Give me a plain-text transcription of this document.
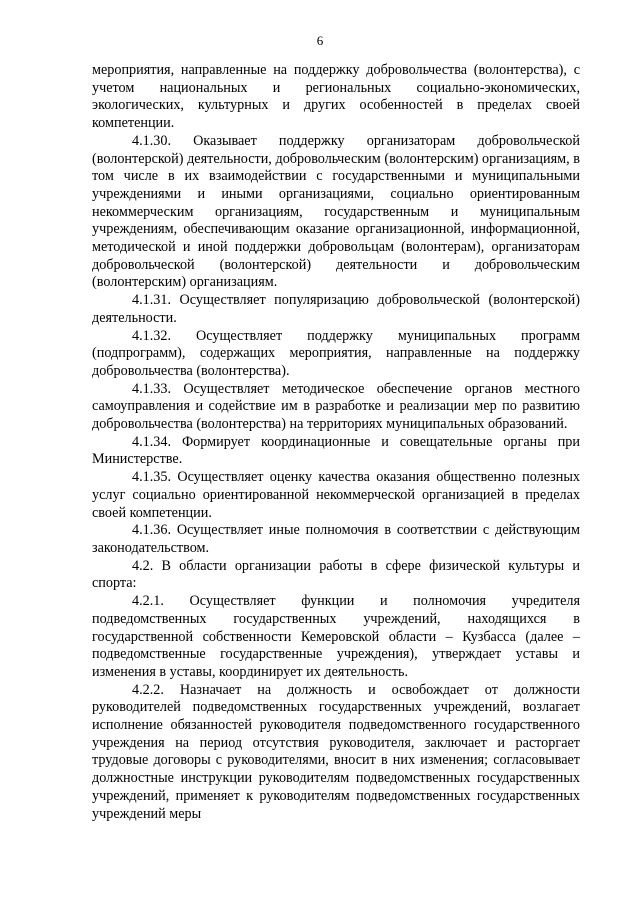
6

мероприятия, направленные на поддержку добровольчества (волонтерства), с учетом национальных и региональных социально-экономических, экологических, культурных и других особенностей в пределах своей компетенции.

4.1.30. Оказывает поддержку организаторам добровольческой (волонтерской) деятельности, добровольческим (волонтерским) организациям, в том числе в их взаимодействии с государственными и муниципальными учреждениями и иными организациями, социально ориентированным некоммерческим организациям, государственным и муниципальным учреждениям, обеспечивающим оказание организационной, информационной, методической и иной поддержки добровольцам (волонтерам), организаторам добровольческой (волонтерской) деятельности и добровольческим (волонтерским) организациям.

4.1.31. Осуществляет популяризацию добровольческой (волонтерской) деятельности.

4.1.32. Осуществляет поддержку муниципальных программ (подпрограмм), содержащих мероприятия, направленные на поддержку добровольчества (волонтерства).

4.1.33. Осуществляет методическое обеспечение органов местного самоуправления и содействие им в разработке и реализации мер по развитию добровольчества (волонтерства) на территориях муниципальных образований.

4.1.34. Формирует координационные и совещательные органы при Министерстве.

4.1.35. Осуществляет оценку качества оказания общественно полезных услуг социально ориентированной некоммерческой организацией в пределах своей компетенции.

4.1.36. Осуществляет иные полномочия в соответствии с действующим законодательством.

4.2. В области организации работы в сфере физической культуры и спорта:

4.2.1. Осуществляет функции и полномочия учредителя подведомственных государственных учреждений, находящихся в государственной собственности Кемеровской области – Кузбасса (далее – подведомственные государственные учреждения), утверждает уставы и изменения в уставы, координирует их деятельность.

4.2.2. Назначает на должность и освобождает от должности руководителей подведомственных государственных учреждений, возлагает исполнение обязанностей руководителя подведомственного государственного учреждения на период отсутствия руководителя, заключает и расторгает трудовые договоры с руководителями, вносит в них изменения; согласовывает должностные инструкции руководителям подведомственных государственных учреждений, применяет к руководителям подведомственных государственных учреждений меры
